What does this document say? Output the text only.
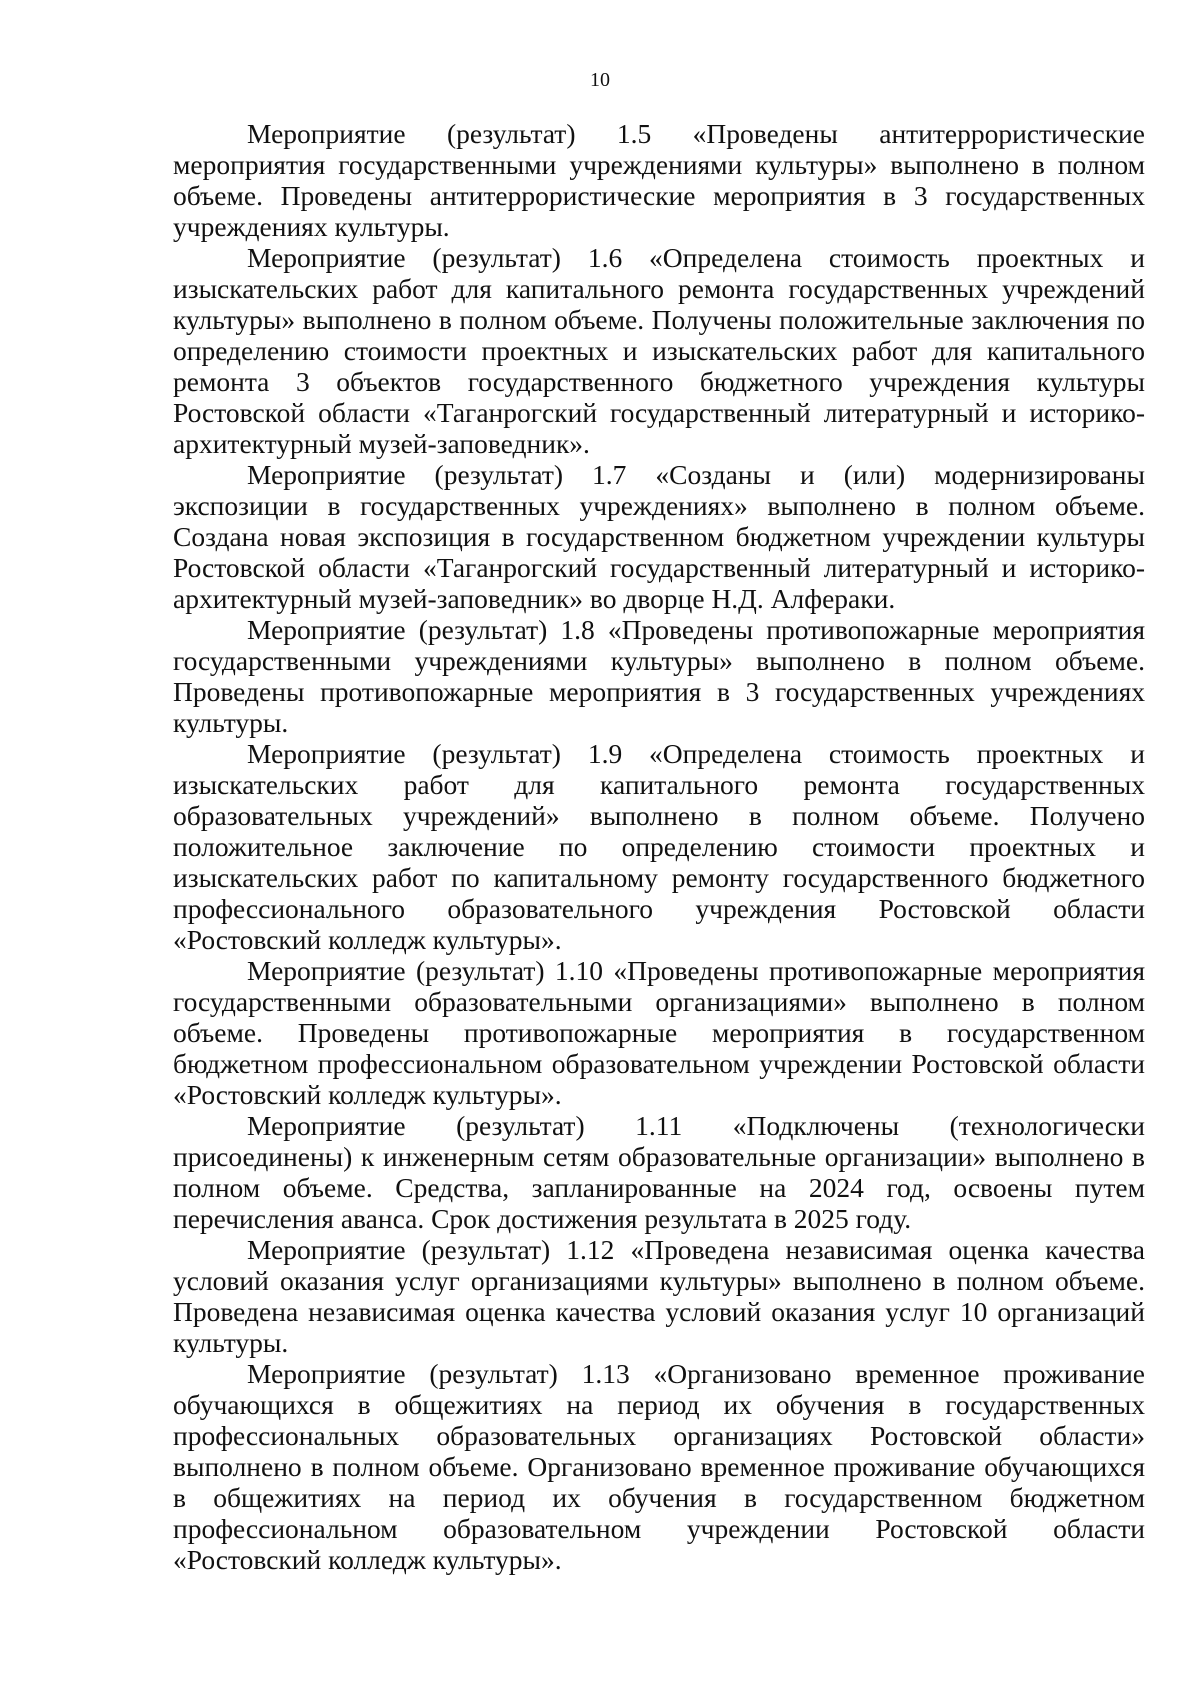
10

Мероприятие (результат) 1.5 «Проведены антитеррористические мероприятия государственными учреждениями культуры» выполнено в полном объеме. Проведены антитеррористические мероприятия в 3 государственных учреждениях культуры.

Мероприятие (результат) 1.6 «Определена стоимость проектных и изыскательских работ для капитального ремонта государственных учреждений культуры» выполнено в полном объеме. Получены положительные заключения по определению стоимости проектных и изыскательских работ для капитального ремонта 3 объектов государственного бюджетного учреждения культуры Ростовской области «Таганрогский государственный литературный и историко-архитектурный музей-заповедник».

Мероприятие (результат) 1.7 «Созданы и (или) модернизированы экспозиции в государственных учреждениях» выполнено в полном объеме. Создана новая экспозиция в государственном бюджетном учреждении культуры Ростовской области «Таганрогский государственный литературный и историко-архитектурный музей-заповедник» во дворце Н.Д. Алфераки.

Мероприятие (результат) 1.8 «Проведены противопожарные мероприятия государственными учреждениями культуры» выполнено в полном объеме. Проведены противопожарные мероприятия в 3 государственных учреждениях культуры.

Мероприятие (результат) 1.9 «Определена стоимость проектных и изыскательских работ для капитального ремонта государственных образовательных учреждений» выполнено в полном объеме. Получено положительное заключение по определению стоимости проектных и изыскательских работ по капитальному ремонту государственного бюджетного профессионального образовательного учреждения Ростовской области «Ростовский колледж культуры».

Мероприятие (результат) 1.10 «Проведены противопожарные мероприятия государственными образовательными организациями» выполнено в полном объеме. Проведены противопожарные мероприятия в государственном бюджетном профессиональном образовательном учреждении Ростовской области «Ростовский колледж культуры».

Мероприятие (результат) 1.11 «Подключены (технологически присоединены) к инженерным сетям образовательные организации» выполнено в полном объеме. Средства, запланированные на 2024 год, освоены путем перечисления аванса. Срок достижения результата в 2025 году.

Мероприятие (результат) 1.12 «Проведена независимая оценка качества условий оказания услуг организациями культуры» выполнено в полном объеме. Проведена независимая оценка качества условий оказания услуг 10 организаций культуры.

Мероприятие (результат) 1.13 «Организовано временное проживание обучающихся в общежитиях на период их обучения в государственных профессиональных образовательных организациях Ростовской области» выполнено в полном объеме. Организовано временное проживание обучающихся в общежитиях на период их обучения в государственном бюджетном профессиональном образовательном учреждении Ростовской области «Ростовский колледж культуры».
